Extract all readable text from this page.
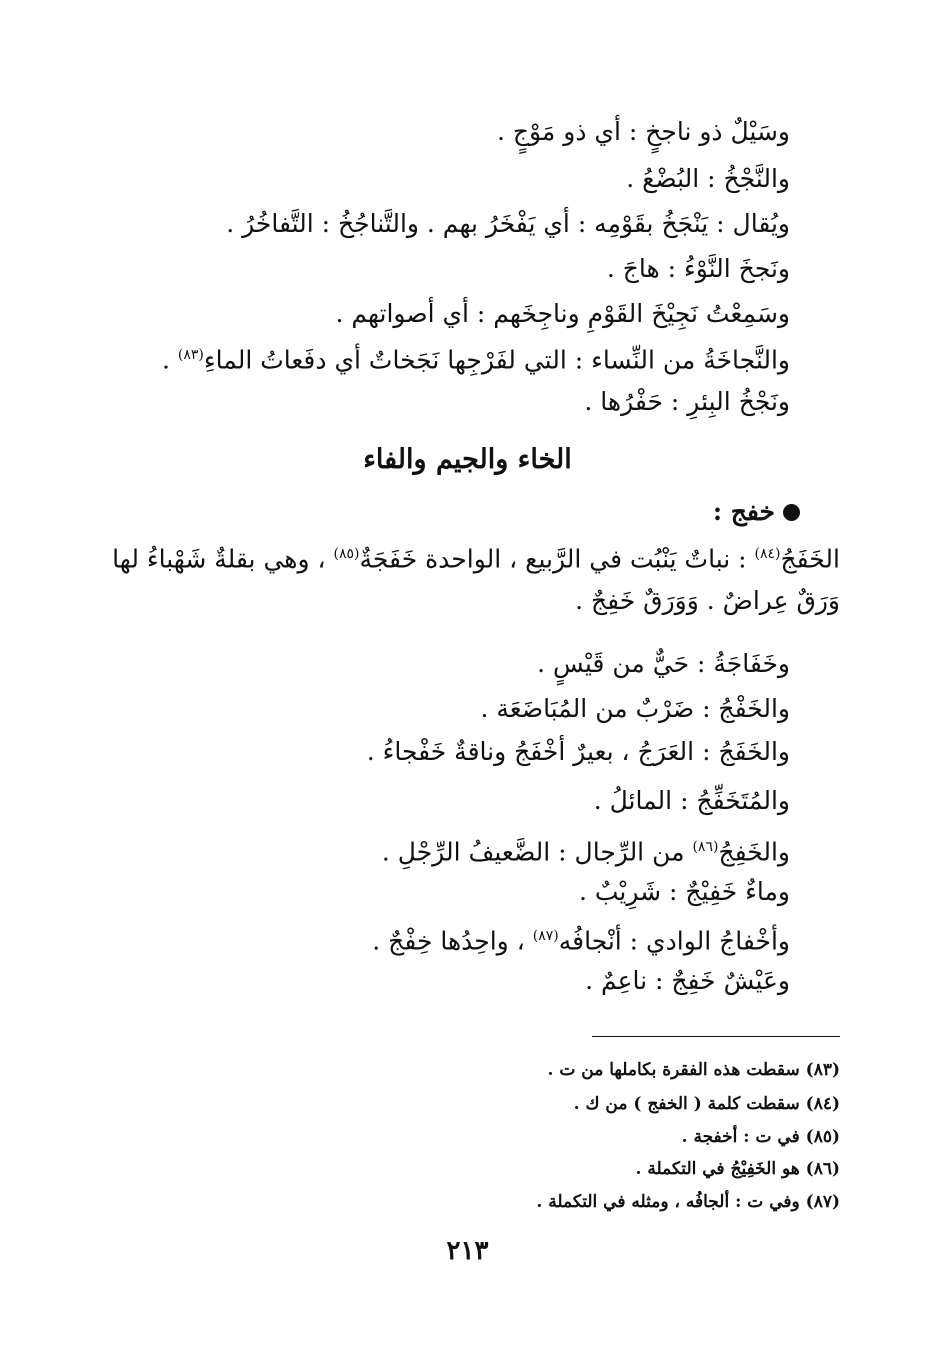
وسَيْلٌ ذو ناجخٍ : أي ذو مَوْجٍ .
والنَّجْخُ : البُضْعُ .
ويُقال : يَنْجَخُ بقَوْمِه : أي يَفْخَرُ بهم . والتَّناجُخُ : التَّفاخُرُ .
ونَجخَ النَّوْءُ : هاجَ .
وسَمِعْتُ نَجِيْخَ القَوْمِ وناجِخَهم : أي أصواتهم .
والنَّجاخَةُ من النِّساء : التي لفَرْجِها نَجَخاتٌ أي دفَعاتُ الماءِ$^{(٨٣)}$ .
ونَجْخُ البِئرِ : حَفْرُها .
الخاء والجيم والفاء
خفج :
الخَفَجُ$^{(٨٤)}$ : نباتٌ يَنْبُت في الرَّبيع ، الواحدة خَفَجَةٌ$^{(٨٥)}$ ، وهي بقلةٌ شَهْباءُ لها
وَرَقٌ عِراضٌ . وَوَرَقٌ خَفِجٌ .
وخَفَاجَةُ : حَيٌّ من قَيْسٍ .
والخَفْجُ : ضَرْبٌ من المُبَاضَعَة .
والخَفَجُ : العَرَجُ ، بعيرٌ أخْفَجُ وناقةٌ خَفْجاءُ .
والمُتَخَفِّجُ : المائلُ .
والخَفِجُ$^{(٨٦)}$ من الرِّجال : الضَّعيفُ الرِّجْلِ .
وماءٌ خَفِيْجٌ : شَرِيْبٌ .
وأخْفاجُ الوادي : أنْجافُه$^{(٨٧)}$ ، واحِدُها خِفْجٌ .
وعَيْشٌ خَفِجٌ : ناعِمٌ .
(٨٣) سقطت هذه الفقرة بكاملها من ت .
(٨٤) سقطت كلمة ( الخفج ) من ك .
(٨٥) في ت : أخفجة .
(٨٦) هو الخَفِيْجُ في التكملة .
(٨٧) وفي ت : ألجافُه ، ومثله في التكملة .
٢١٣
